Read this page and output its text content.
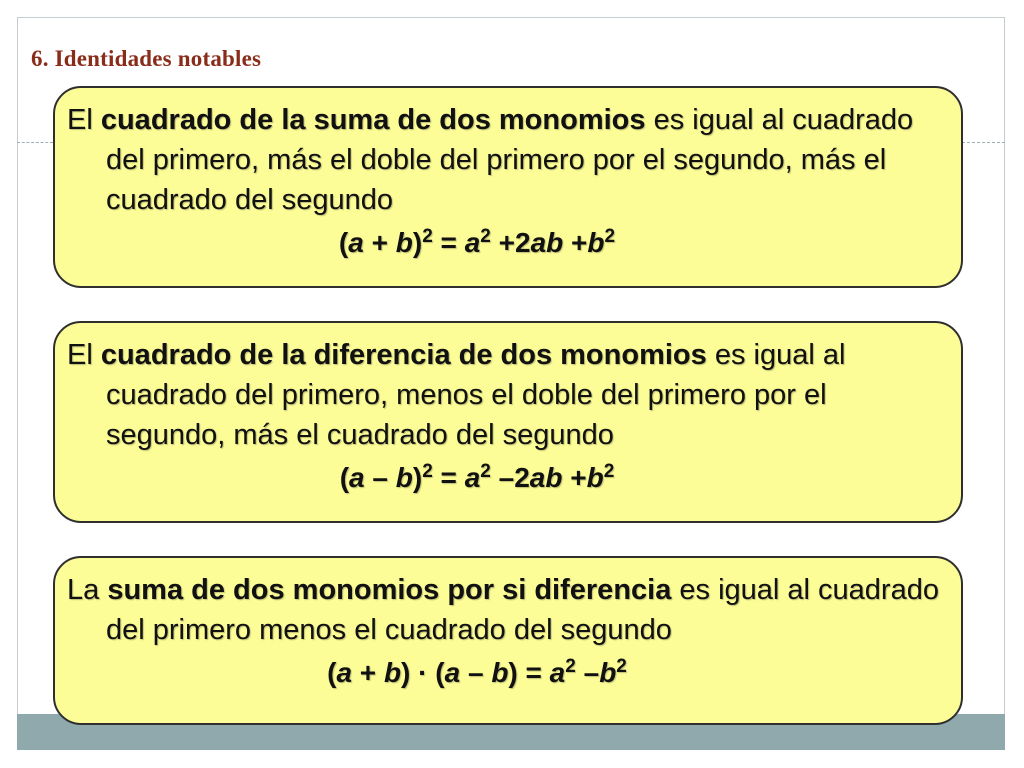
6. Identidades notables

El cuadrado de la suma de dos monomios es igual al cuadrado del primero, más el doble del primero por el segundo, más el cuadrado del segundo

$(a + b)^2 = a^2 +2ab +b^2$

El cuadrado de la diferencia de dos monomios es igual al cuadrado del primero, menos el doble del primero por el segundo, más el cuadrado del segundo

$(a - b)^2 = a^2$ $-2ab +b^2$

La suma de dos monomios por si diferencia es igual al cuadrado del primero menos el cuadrado del segundo

$(a + b) \cdot (a - b) = a^2$ $-b^2$
